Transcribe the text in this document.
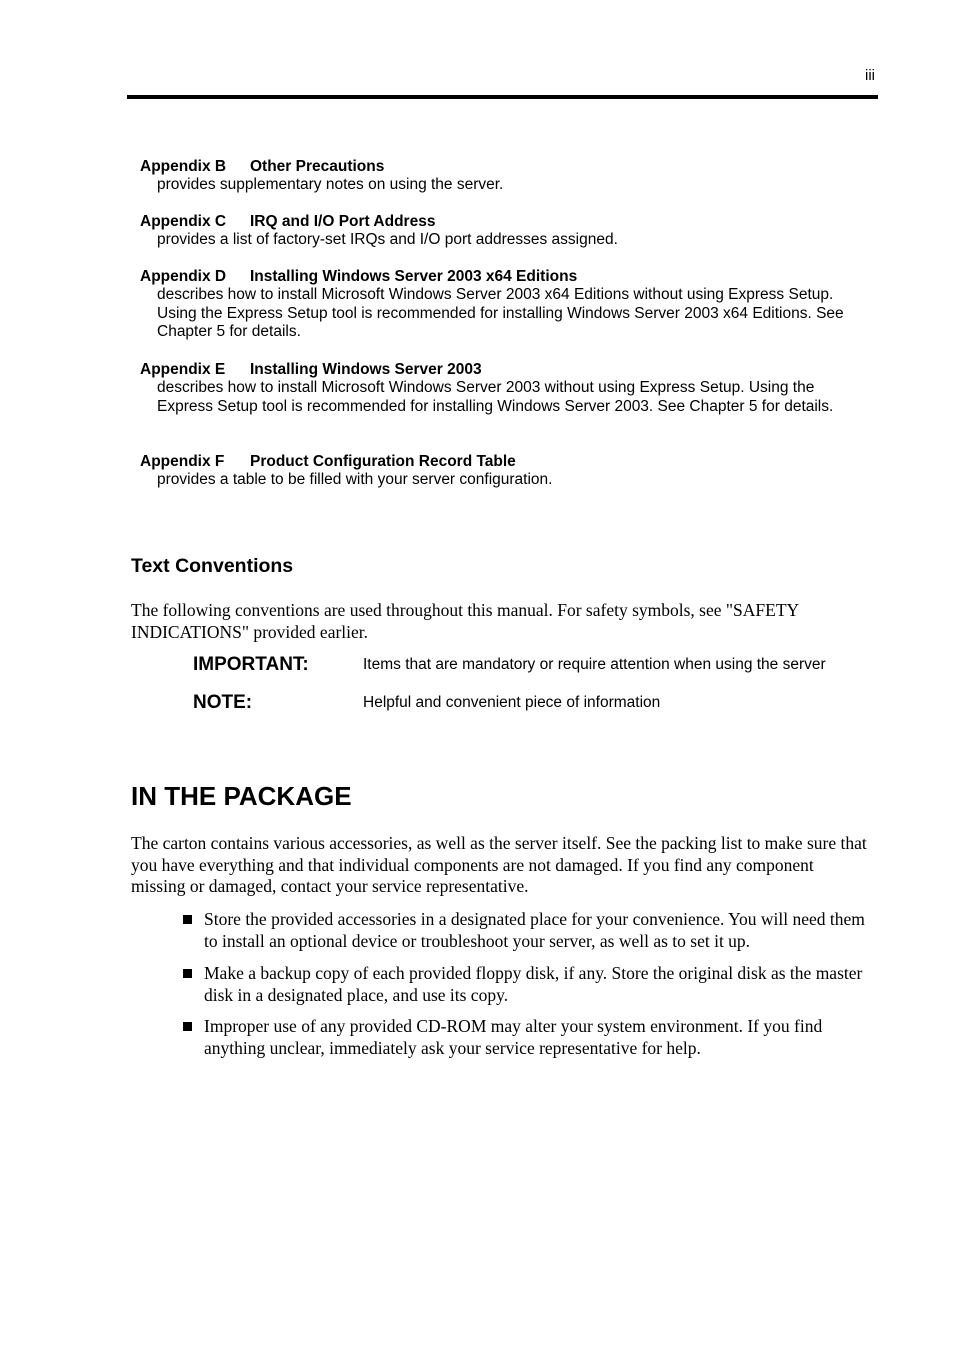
iii
Appendix B Other Precautions
provides supplementary notes on using the server.
Appendix C IRQ and I/O Port Address
provides a list of factory-set IRQs and I/O port addresses assigned.
Appendix D Installing Windows Server 2003 x64 Editions
describes how to install Microsoft Windows Server 2003 x64 Editions without using Express Setup. Using the Express Setup tool is recommended for installing Windows Server 2003 x64 Editions. See Chapter 5 for details.
Appendix E Installing Windows Server 2003
describes how to install Microsoft Windows Server 2003 without using Express Setup. Using the Express Setup tool is recommended for installing Windows Server 2003. See Chapter 5 for details.
Appendix F Product Configuration Record Table
provides a table to be filled with your server configuration.
Text Conventions
The following conventions are used throughout this manual. For safety symbols, see "SAFETY INDICATIONS" provided earlier.
IMPORTANT:	Items that are mandatory or require attention when using the server
NOTE:	Helpful and convenient piece of information
IN THE PACKAGE
The carton contains various accessories, as well as the server itself. See the packing list to make sure that you have everything and that individual components are not damaged. If you find any component missing or damaged, contact your service representative.
Store the provided accessories in a designated place for your convenience. You will need them to install an optional device or troubleshoot your server, as well as to set it up.
Make a backup copy of each provided floppy disk, if any. Store the original disk as the master disk in a designated place, and use its copy.
Improper use of any provided CD-ROM may alter your system environment. If you find anything unclear, immediately ask your service representative for help.
